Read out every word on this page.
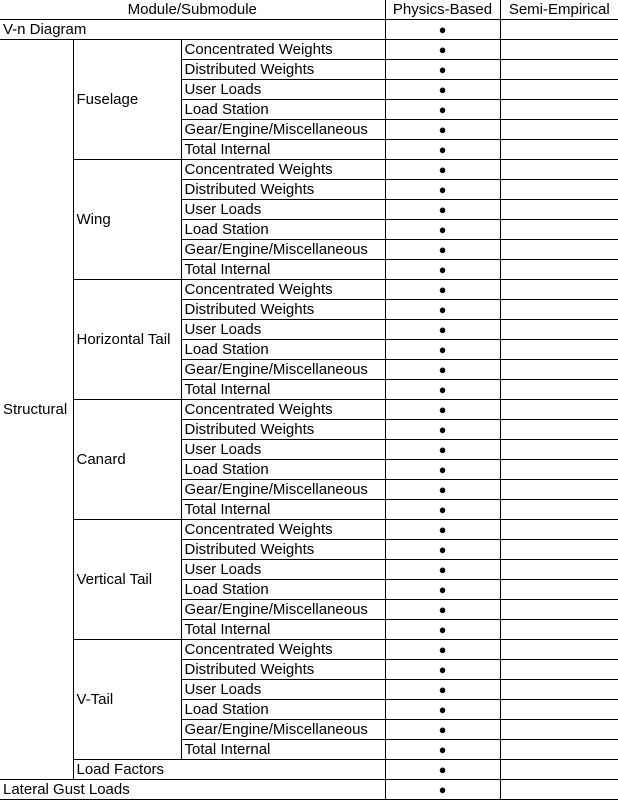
Module/Submodule			Physics-Based	Semi-Empirical
V-n Diagram			●	
Structural	Fuselage	Concentrated Weights	●	
		Distributed Weights	●	
		User Loads	●	
		Load Station	●	
		Gear/Engine/Miscellaneous	●	
		Total Internal	●	
	Wing	Concentrated Weights	●	
		Distributed Weights	●	
		User Loads	●	
		Load Station	●	
		Gear/Engine/Miscellaneous	●	
		Total Internal	●	
	Horizontal Tail	Concentrated Weights	●	
		Distributed Weights	●	
		User Loads	●	
		Load Station	●	
		Gear/Engine/Miscellaneous	●	
		Total Internal	●	
	Canard	Concentrated Weights	●	
		Distributed Weights	●	
		User Loads	●	
		Load Station	●	
		Gear/Engine/Miscellaneous	●	
		Total Internal	●	
	Vertical Tail	Concentrated Weights	●	
		Distributed Weights	●	
		User Loads	●	
		Load Station	●	
		Gear/Engine/Miscellaneous	●	
		Total Internal	●	
	V-Tail	Concentrated Weights	●	
		Distributed Weights	●	
		User Loads	●	
		Load Station	●	
		Gear/Engine/Miscellaneous	●	
		Total Internal	●	
	Load Factors		●	
Lateral Gust Loads			●	
